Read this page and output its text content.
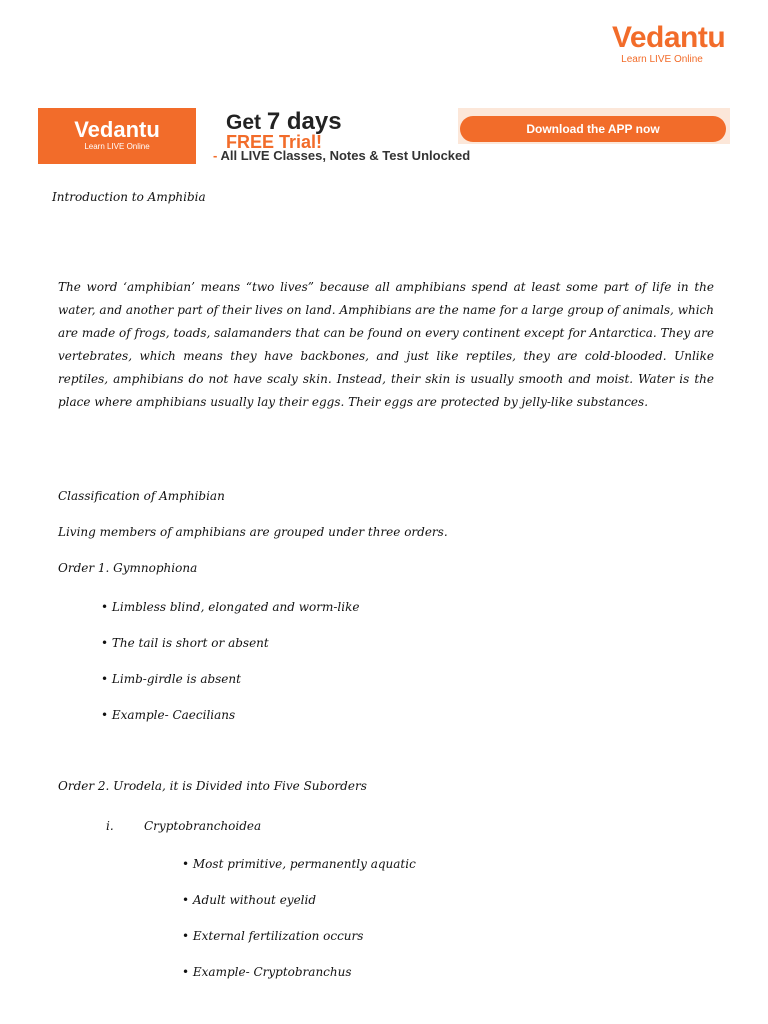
Vedantu
Learn LIVE Online
Vedantu
Learn LIVE Online
Get 7 days
FREE Trial!
- All LIVE Classes, Notes & Test Unlocked
Download the APP now
Introduction to Amphibia
The word ‘amphibian’ means “two lives” because all amphibians spend at least some part of life in the water, and another part of their lives on land. Amphibians are the name for a large group of animals, which are made of frogs, toads, salamanders that can be found on every continent except for Antarctica. They are vertebrates, which means they have backbones, and just like reptiles, they are cold-blooded. Unlike reptiles, amphibians do not have scaly skin. Instead, their skin is usually smooth and moist. Water is the place where amphibians usually lay their eggs. Their eggs are protected by jelly-like substances.
Classification of Amphibian
Living members of amphibians are grouped under three orders.
Order 1. Gymnophiona
• Limbless blind, elongated and worm-like
• The tail is short or absent
• Limb-girdle is absent
• Example- Caecilians
Order 2. Urodela, it is Divided into Five Suborders
i.	Cryptobranchoidea
• Most primitive, permanently aquatic
• Adult without eyelid
• External fertilization occurs
• Example- Cryptobranchus
